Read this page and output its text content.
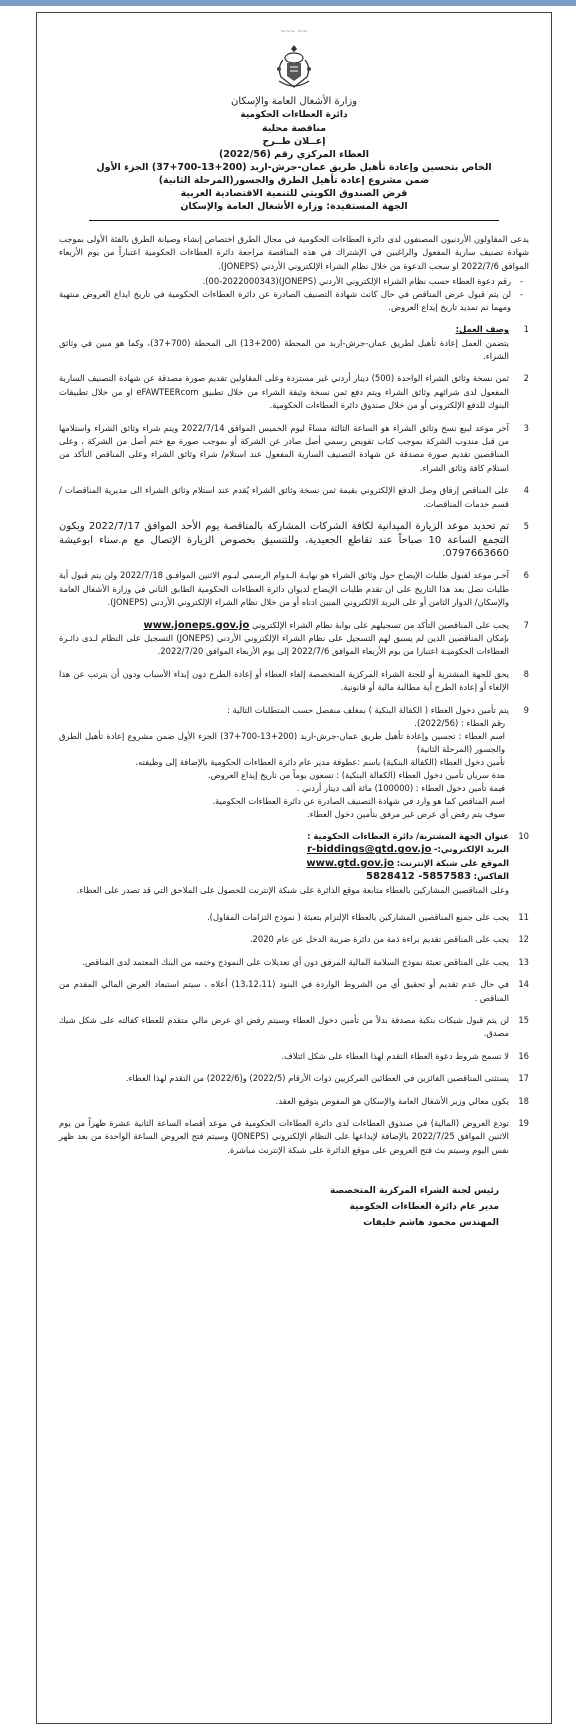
~~ ~~~
وزارة الأشغال العامة والإسكان
دائرة العطاءات الحكومية
مناقصة محلية
إعــلان طــرح
العطاء المركزي رقم (2022/56)
الخاص بتحسين وإعادة تأهيل طريق عمان-جرش-اربد (200+13-700+37) الجزء الأول
ضمن مشروع إعادة تأهيل الطرق والجسور(المرحلة الثانية)
قرض الصندوق الكويتي للتنمية الاقتصادية العربية
الجهة المستفيدة: وزارة الأشغال العامة والإسكان

يدعى المقاولون الأردنيون المصنفون لدى دائرة العطاءات الحكومية في مجال الطرق اختصاص إنشاء وصيانة الطرق بالفئة الأولى بموجب شهادة تصنيف سارية المفعول والراغبين في الإشتراك في هذه المناقصة مراجعة دائرة العطاءات الحكومية اعتباراً من يوم الأربعاء الموافق 2022/7/6 او سحب الدعوة من خلال نظام الشراء الإلكتروني الأردني (JONEPS).

- رقم دعوة العطاء حسب نظام الشراء الإلكتروني الأردني (JONEPS)(00-2022000343).

- لن يتم قبول عرض المناقص في حال كانت شهادة التصنيف الصادرة عن دائرة العطاءات الحكومية في تاريخ ايداع العروض منتهية ومهما تم تمديد تاريخ إيداع العروض.

1
وصف العمل:
يتضمن العمل إعادة تأهيل لطريق عمان-جرش-اربد من المحطة (200+13) الى المحطة (700+37)، وكما هو مبين في وثائق الشراء.
2
ثمن نسخة وثائق الشراء الواحدة (500) دينار أردني غير مستردة وعلى المقاولين تقديم صورة مصدقة عن شهادة التصنيف السارية المفعول لدى شرائهم وثائق الشراء ويتم دفع ثمن نسخة وثيقة الشراء من خلال تطبيق eFAWTEERcom او من خلال تطبيقات البنوك للدفع الإلكتروني أو من خلال صندوق دائرة العطاءات الحكومية.
3
آخر موعد لبيع نسخ وثائق الشراء هو الساعة الثالثة مساءً ليوم الخميس الموافق 2022/7/14 ويتم شراء وثائق الشراء واستلامها من قبل مندوب الشركة بموجب كتاب تفويض رسمي أصل صادر عن الشركة أو بموجب صورة مع ختم أصل من الشركة ، وعلى المناقصين تقديم صورة مصدقة عن شهادة التصنيف السارية المفعول عند استلام/ شراء وثائق الشراء وعلى المناقص التأكد من استلام كافة وثائق الشراء.
4
على المناقص إرفاق وصل الدفع الإلكتروني بقيمة ثمن نسخة وثائق الشراء يُقدم عند استلام وثائق الشراء الى مديرية المناقصات / قسم خدمات المناقصات.
5
تم تحديد موعد الزيارة الميدانية لكافة الشركات المشاركة بالمناقصة يوم الأحد الموافق 2022/7/17 ويكون التجمع الساعة 10 صباحاً عند تقاطع الجعيدية، وللتنسيق بخصوص الزيارة الإتصال مع م.سناء ابوعيشة 0797663660.
6
آخـر موعد لقبول طلبات الإيضاح حول وثائق الشراء هو نهايـة الـدوام الرسمي ليـوم الاثنين الموافـق 2022/7/18 ولن يتم قبول أية طلبات تصل بعد هذا التاريخ على ان تقدم طلبات الإيضاح لديوان دائرة العطاءات الحكومية الطابق الثاني في وزارة الأشغال العامة والإسكان/ الدوار الثامن أو على البريد الالكتروني المبين ادناه أو من خلال نظام الشراء الإلكتروني الأردني (JONEPS).
7
يجب على المناقصين التأكد من تسجيلهم على بوابة نظام الشراء الإلكتروني www.joneps.gov.jo
بإمكان المناقصين الذين لم يسبق لهم التسجيل على نظام الشراء الإلكتروني الأردني (JONEPS) التسجيل على النظام لـدى دائـرة العطاءات الحكوميـة اعتبارا من يوم الأربعاء الموافق 2022/7/6 إلى يوم الأربعاء الموافق 2022/7/20.
8
يحق للجهة المشترية أو للجنة الشراء المركزية المتخصصة إلغاء العطاء أو إعادة الطرح دون إبداء الأسباب ودون أن يترتب عن هذا الإلغاء أو إعادة الطرح أية مطالبة مالية أو قانونية.
9
يتم تأمين دخول العطاء ( الكفالة البنكية ) بمغلف منفصل حسب المتطلبات التالية :
- رقم العطاء : (2022/56).
- اسم العطاء : تحسين وإعادة تأهيل طريق عمان-جرش-اربد (200+13-700+37) الجزء الأول ضمن مشروع إعادة تأهيل الطرق والجسور (المرحلة الثانية)
- تأمين دخول العطاء (الكفالة البنكية) باسم :عطوفة مدير عام دائرة العطاءات الحكومية بالإضافة إلى وظيفته.
- مدة سريان تأمين دخول العطاء (الكفالة البنكية) : تسعون يوماً من تاريخ إيداع العروض.
- قيمة تأمين دخول العطاء : (100000) مائة ألف دينار أردني .
- اسم المناقص كما هو وارد في شهادة التصنيف الصادرة عن دائرة العطاءات الحكومية.
- سوف يتم رفض أي عرض غير مرفق بتأمين دخول العطاء.
10
عنوان الجهة المشترية/ دائرة العطاءات الحكومية :
البريد الإلكتروني:- r-biddings@gtd.gov.jo
الموقع على شبكة الإنترنت: www.gtd.gov.jo
الفاكس: 5828412 -5857583
وعلى المناقصين المشاركين بالعطاء متابعة موقع الدائرة على شبكة الإنترنت للحصول على الملاحق التي قد تصدر على العطاء.
11
يجب على جميع المناقصين المشاركين بالعطاء الإلتزام بتعبئة ( نموذج التزامات المقاول).
12
يجب على المناقص تقديم براءة ذمة من دائرة ضريبة الدخل عن عام 2020.
13
يجب على المناقص تعبئة نموذج السلامة المالية المرفق دون أي تعديلات على النموذج وختمه من البنك المعتمد لدى المناقص.
14
في حال عدم تقديم أو تحقيق أي من الشروط الواردة في البنود (13،12،11) أعلاه ، سيتم استبعاد العرض المالي المقدم من المناقص .
15
لن يتم قبول شيكات بنكية مصدقة بدلاً من تأمين دخول العطاء وسيتم رفض اي عرض مالي متقدم للعطاء كفالته على شكل شيك مصدق.
16
لا تسمح شروط دعوة العطاء التقدم لهذا العطاء على شكل ائتلاف.
17
يستثنى المناقصين الفائزين في العطائين المركزيين ذوات الأرقام (2022/5) و(2022/6) من التقدم لهذا العطاء.
18
يكون معالي وزير الأشغال العامة والإسكان هو المفوض بتوقيع العقد.
19
تودع العروض (المالية) في صندوق العطاءات لدى دائرة العطاءات الحكومية في موعد أقصاه الساعة الثانية عشرة ظهراً من يوم الاثنين الموافق 2022/7/25 بالإضافة لإيداعها على النظام الإلكتروني (JONEPS) وسيتم فتح العروض الساعة الواحدة من بعد ظهر نفس اليوم وسيتم بث فتح العروض على موقع الدائرة على شبكة الإنترنت مباشرة.
رئيس لجنة الشراء المركزية المتخصصة
مدير عام دائرة العطاءات الحكومية
المهندس محمود هاشم خليفات
